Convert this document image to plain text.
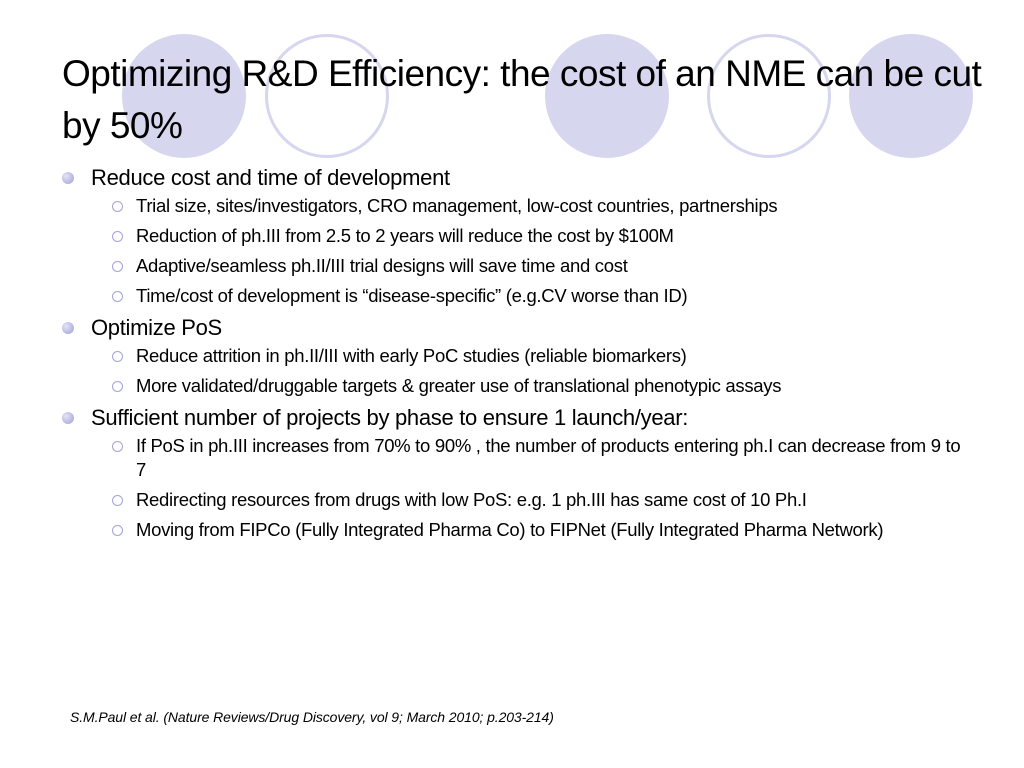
Optimizing R&D Efficiency: the cost of an NME can be cut by 50%
Reduce cost and time of development
Trial size, sites/investigators, CRO management, low-cost countries, partnerships
Reduction of ph.III from 2.5 to 2 years will reduce the cost by $100M
Adaptive/seamless ph.II/III trial designs will save time and cost
Time/cost of development is “disease-specific” (e.g.CV worse than ID)
Optimize PoS
Reduce attrition in ph.II/III with early PoC studies (reliable biomarkers)
More validated/druggable targets & greater use of translational phenotypic assays
Sufficient number of projects by phase to ensure 1 launch/year:
If PoS in ph.III increases from 70% to 90% , the number of products entering ph.I can decrease from 9 to 7
Redirecting resources from drugs with low PoS: e.g. 1 ph.III has same cost of 10 Ph.I
Moving from FIPCo (Fully Integrated Pharma Co) to FIPNet (Fully Integrated Pharma Network)
S.M.Paul et al. (Nature Reviews/Drug Discovery, vol 9; March 2010; p.203-214)
